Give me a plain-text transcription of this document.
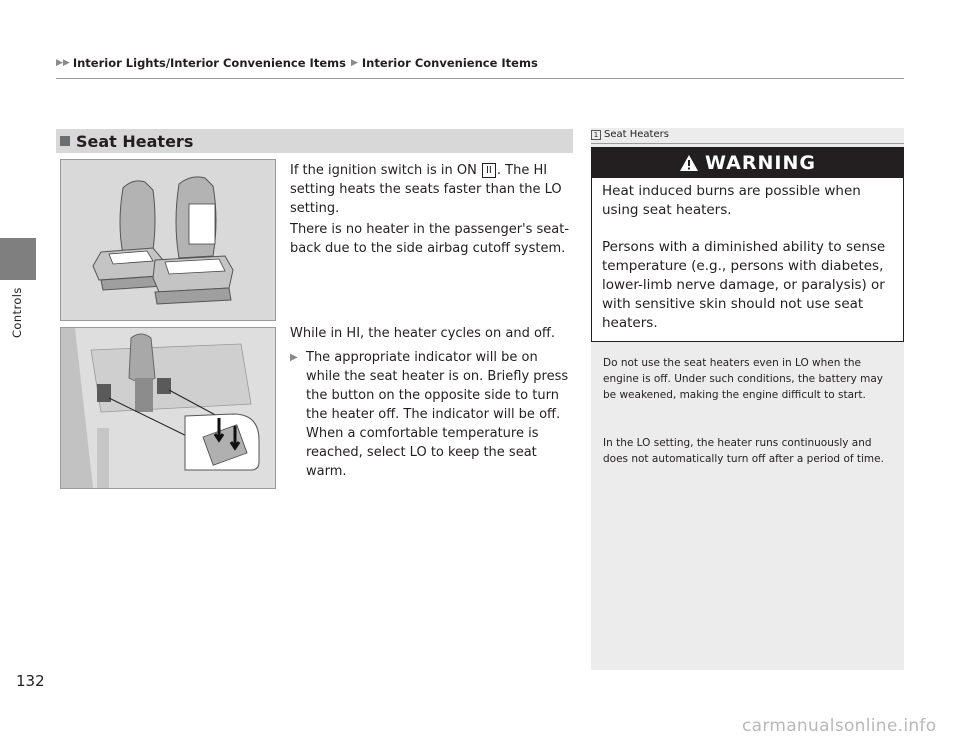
Controls
▶▶ Interior Lights/Interior Convenience Items ▶ Interior Convenience Items
Seat Heaters
If the ignition switch is in ON II . The HI setting heats the seats faster than the LO setting.
There is no heater in the passenger's seat-back due to the side airbag cutoff system.
While in HI, the heater cycles on and off.
▶ The appropriate indicator will be on while the seat heater is on. Briefly press the button on the opposite side to turn the heater off. The indicator will be off. When a comfortable temperature is reached, select LO to keep the seat warm.
1 Seat Heaters
WARNING

Heat induced burns are possible when using seat heaters.

Persons with a diminished ability to sense temperature (e.g., persons with diabetes, lower-limb nerve damage, or paralysis) or with sensitive skin should not use seat heaters.

Do not use the seat heaters even in LO when the engine is off. Under such conditions, the battery may be weakened, making the engine difficult to start.
In the LO setting, the heater runs continuously and does not automatically turn off after a period of time.
132
carmanualsonline.info
